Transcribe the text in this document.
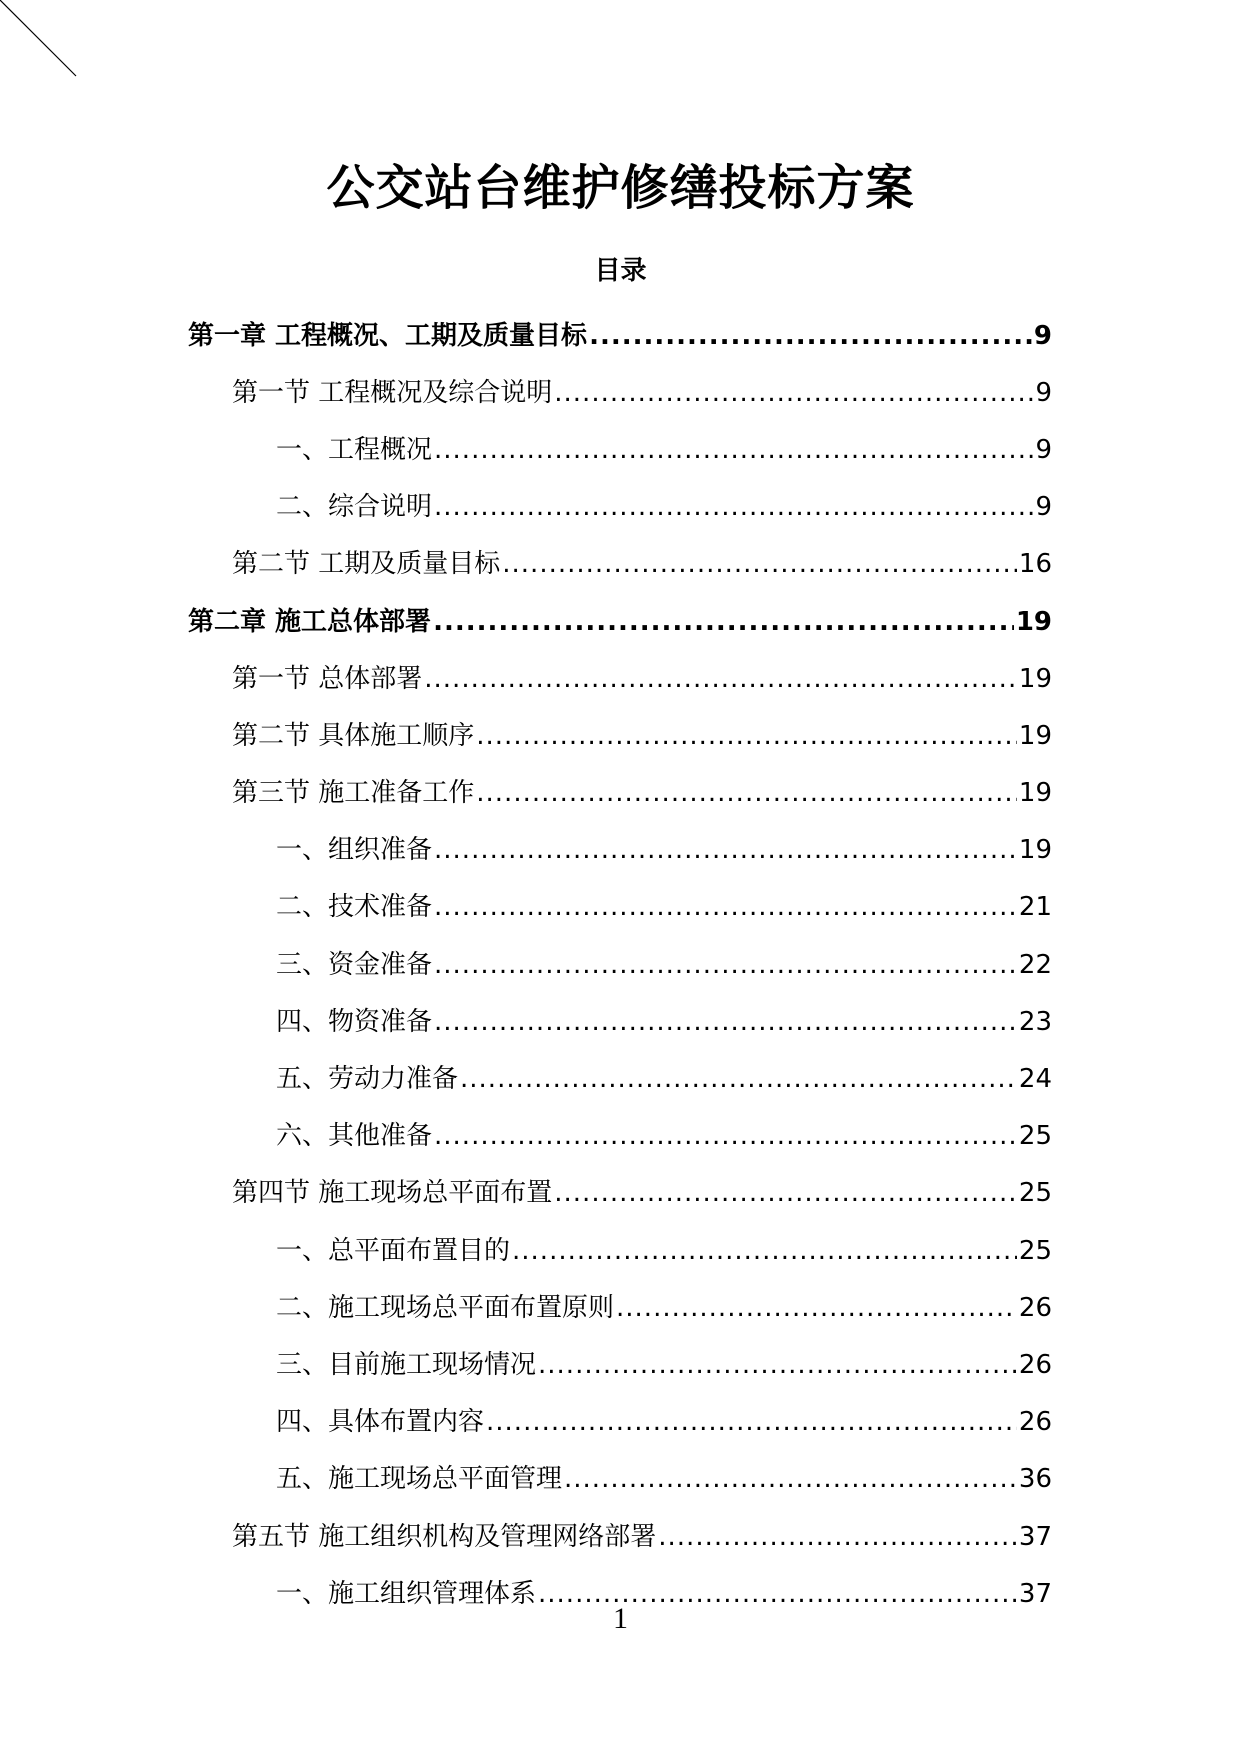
公交站台维护修缮投标方案
目录
第一章 工程概况、工期及质量目标 .....	9
第一节 工程概况及综合说明 .....	9
一、工程概况 .....	9
二、综合说明 .....	9
第二节 工期及质量目标 .....	16
第二章 施工总体部署 .....	19
第一节 总体部署 .....	19
第二节 具体施工顺序 .....	19
第三节 施工准备工作 .....	19
一、组织准备 .....	19
二、技术准备 .....	21
三、资金准备 .....	22
四、物资准备 .....	23
五、劳动力准备 .....	24
六、其他准备 .....	25
第四节 施工现场总平面布置 .....	25
一、总平面布置目的 .....	25
二、施工现场总平面布置原则 .....	26
三、目前施工现场情况 .....	26
四、具体布置内容 .....	26
五、施工现场总平面管理 .....	36
第五节 施工组织机构及管理网络部署 .....	37
一、施工组织管理体系 .....	37
1
